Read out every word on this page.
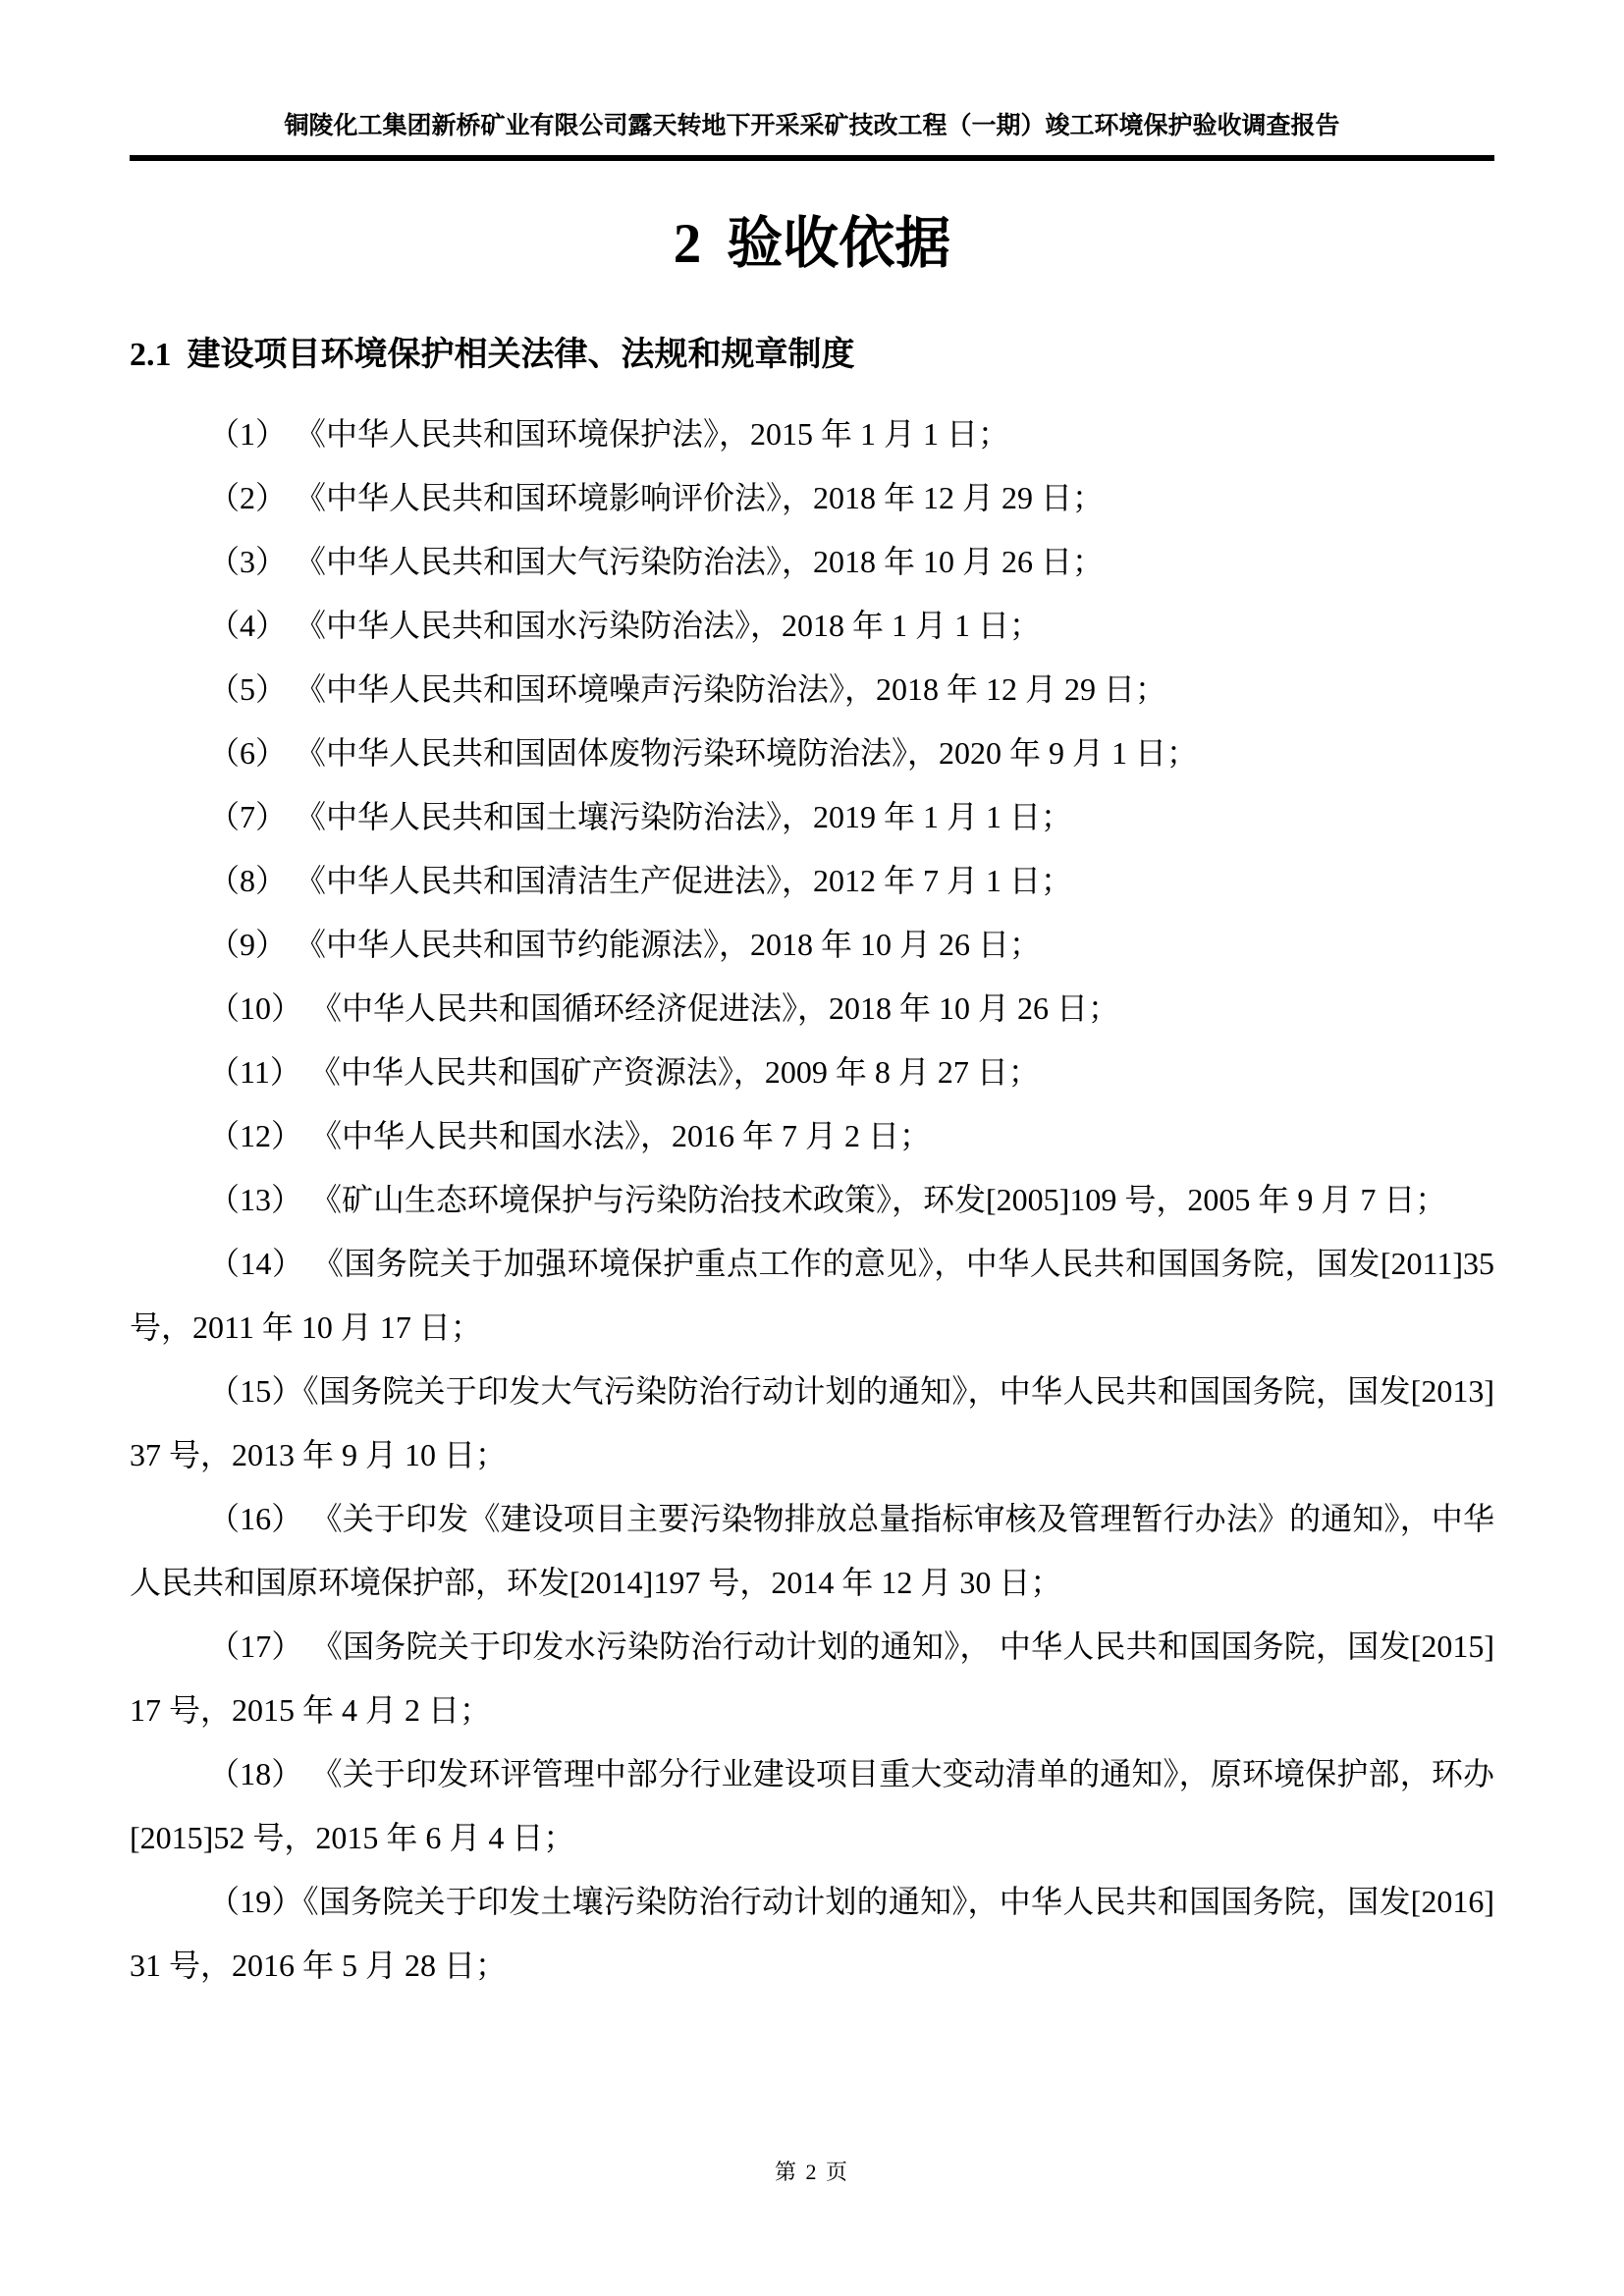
铜陵化工集团新桥矿业有限公司露天转地下开采采矿技改工程（一期）竣工环境保护验收调查报告
2 验收依据
2.1 建设项目环境保护相关法律、法规和规章制度

（1） 《中华人民共和国环境保护法》，2015 年 1 月 1 日；

（2） 《中华人民共和国环境影响评价法》，2018 年 12 月 29 日；

（3） 《中华人民共和国大气污染防治法》，2018 年 10 月 26 日；

（4） 《中华人民共和国水污染防治法》，2018 年 1 月 1 日；

（5） 《中华人民共和国环境噪声污染防治法》，2018 年 12 月 29 日；

（6） 《中华人民共和国固体废物污染环境防治法》，2020 年 9 月 1 日；

（7） 《中华人民共和国土壤污染防治法》，2019 年 1 月 1 日；

（8） 《中华人民共和国清洁生产促进法》，2012 年 7 月 1 日；

（9） 《中华人民共和国节约能源法》，2018 年 10 月 26 日；

（10） 《中华人民共和国循环经济促进法》，2018 年 10 月 26 日；

（11） 《中华人民共和国矿产资源法》，2009 年 8 月 27 日；

（12） 《中华人民共和国水法》，2016 年 7 月 2 日；

（13） 《矿山生态环境保护与污染防治技术政策》，环发[2005]109 号，2005 年 9 月 7 日；

（14） 《国务院关于加强环境保护重点工作的意见》，中华人民共和国国务院，国发[2011]35 号，2011 年 10 月 17 日；

（15）《国务院关于印发大气污染防治行动计划的通知》，中华人民共和国国务院，国发[2013]37 号，2013 年 9 月 10 日；

（16） 《关于印发《建设项目主要污染物排放总量指标审核及管理暂行办法》的通知》，中华人民共和国原环境保护部，环发[2014]197 号，2014 年 12 月 30 日；

（17） 《国务院关于印发水污染防治行动计划的通知》， 中华人民共和国国务院，国发[2015]17 号，2015 年 4 月 2 日；

（18） 《关于印发环评管理中部分行业建设项目重大变动清单的通知》，原环境保护部，环办[2015]52 号，2015 年 6 月 4 日；

（19）《国务院关于印发土壤污染防治行动计划的通知》，中华人民共和国国务院，国发[2016]31 号，2016 年 5 月 28 日；

第 2 页
